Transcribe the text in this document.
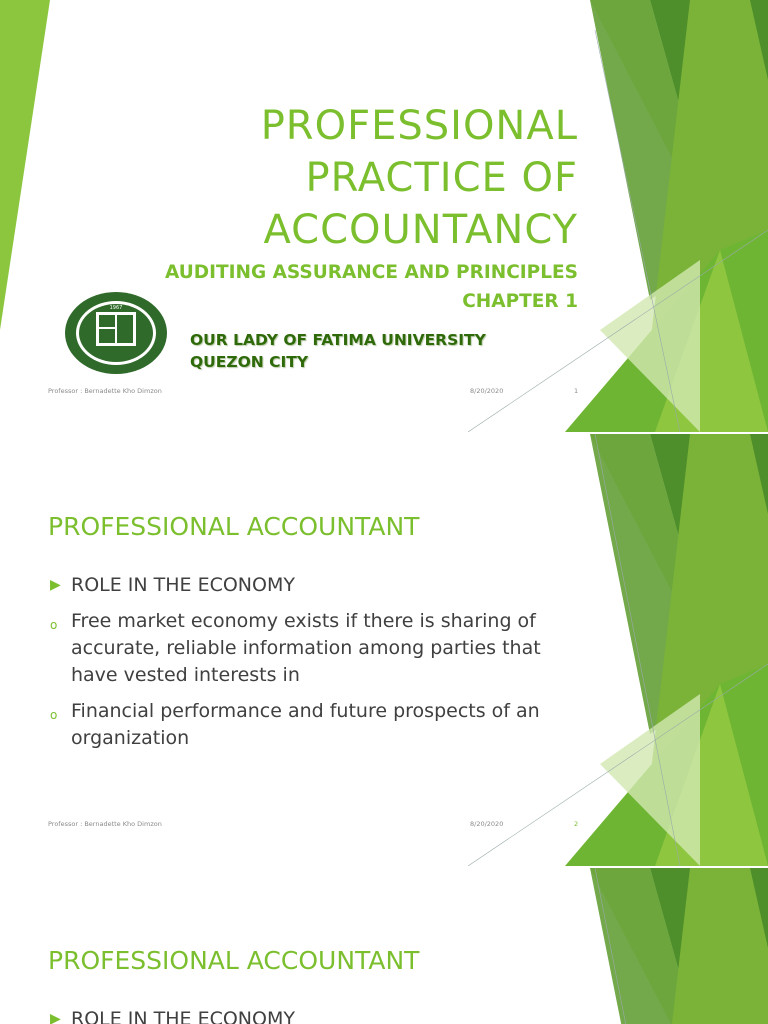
PROFESSIONAL
PRACTICE OF
ACCOUNTANCY
AUDITING ASSURANCE AND PRINCIPLES
CHAPTER 1
1967
OUR LADY OF FATIMA UNIVERSITY
QUEZON CITY
Professor : Bernadette Kho Dimzon	8/20/2020	1
PROFESSIONAL ACCOUNTANT
▶ ROLE IN THE ECONOMY
o Free market economy exists if there is sharing of accurate, reliable information among parties that have vested interests in
o Financial performance and future prospects of an organization
Professor : Bernadette Kho Dimzon	8/20/2020	2
PROFESSIONAL ACCOUNTANT
▶ ROLE IN THE ECONOMY
